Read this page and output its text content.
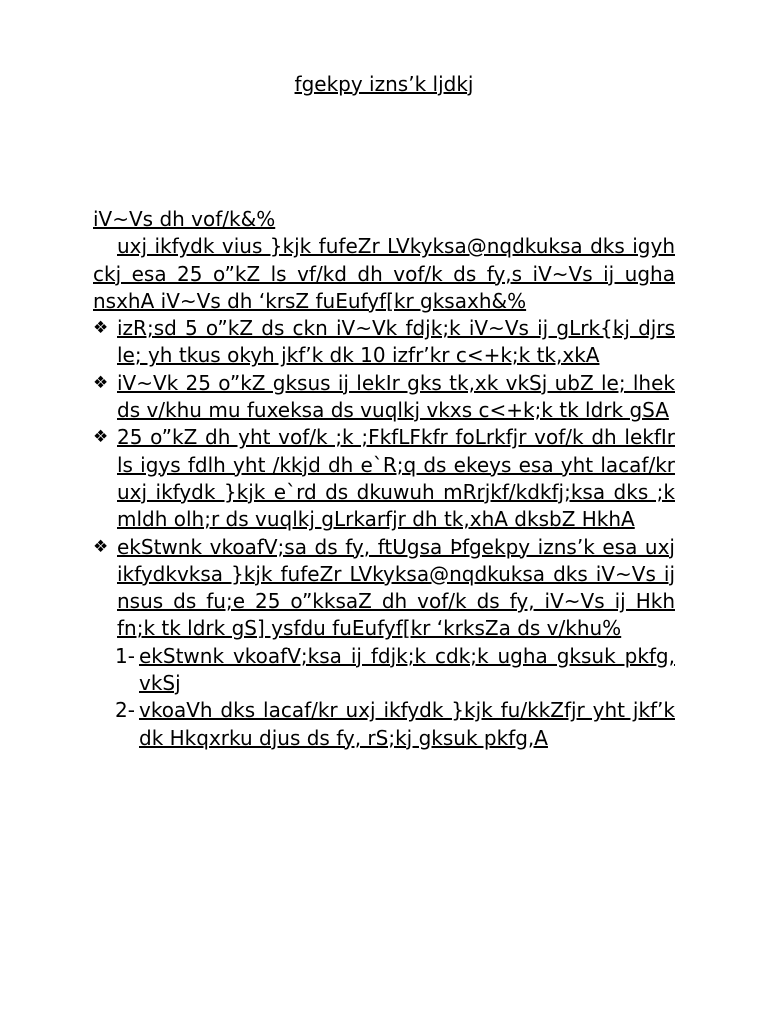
fgekpy izns’k ljdkj

iV~Vs dh vof/k&%

uxj ikfydk vius }kjk fufeZr LVkyksa@nqdkuksa dks igyh ckj esa 25 o”kZ ls vf/kd dh vof/k ds fy,s iV~Vs ij ugha nsxhA iV~Vs dh ‘krsZ fuEufyf[kr gksaxh&%

❖ izR;sd 5 o”kZ ds ckn iV~Vk fdjk;k iV~Vs ij gLrk{kj djrs le; yh tkus okyh jkf’k dk 10 izfr’kr c<+k;k tk,xkA
❖ iV~Vk 25 o”kZ gksus ij lekIr gks tk,xk vkSj ubZ le; lhek ds v/khu mu fuxeksa ds vuqlkj vkxs c<+k;k tk ldrk gSA
❖ 25 o”kZ dh yht vof/k ;k ;FkfLFkfr foLrkfjr vof/k dh lekfIr ls igys fdlh yht /kkjd dh e`R;q ds ekeys esa yht lacaf/kr uxj ikfydk }kjk e`rd ds dkuwuh mRrjkf/kdkfj;ksa dks ;k mldh olh;r ds vuqlkj gLrkarfjr dh tk,xhA dksbZ HkhA
❖ ekStwnk vkoafV;sa ds fy, ftUgsa Þfgekpy izns’k esa uxj ikfydkvksa }kjk fufeZr LVkyksa@nqdkuksa dks iV~Vs ij nsus ds fu;e 25 o”kksaZ dh vof/k ds fy, iV~Vs ij Hkh fn;k tk ldrk gS] ysfdu fuEufyf[kr ‘krksZa ds v/khu%
1- ekStwnk vkoafV;ksa ij fdjk;k cdk;k ugha gksuk pkfg, vkSj
2- vkoaVh dks lacaf/kr uxj ikfydk }kjk fu/kkZfjr yht jkf’k dk Hkqxrku djus ds fy, rS;kj gksuk pkfg,A
